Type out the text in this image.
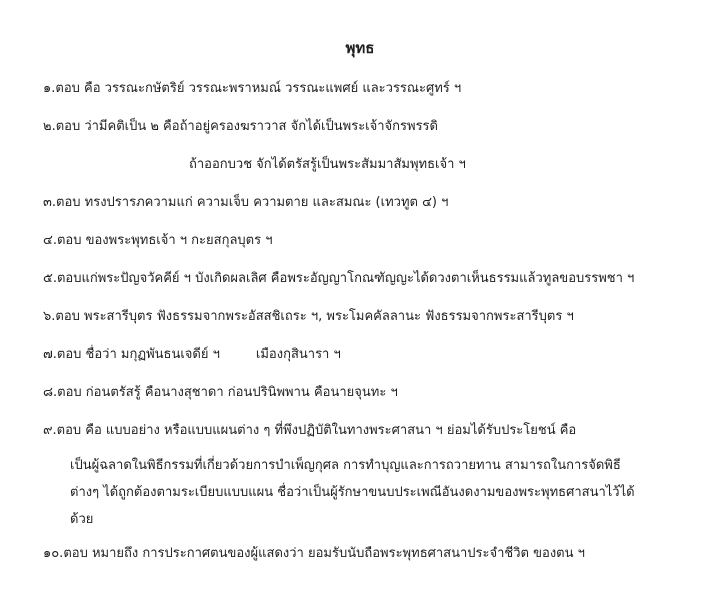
พุทธ
๑.ตอบ คือ วรรณะกษัตริย์ วรรณะพราหมณ์ วรรณะแพศย์ และวรรณะศูทร์ ฯ
๒.ตอบ ว่ามีคติเป็น ๒ คือถ้าอยู่ครองฆราวาส จักได้เป็นพระเจ้าจักรพรรดิ
ถ้าออกบวช จักได้ตรัสรู้เป็นพระสัมมาสัมพุทธเจ้า ฯ
๓.ตอบ ทรงปรารภความแก่ ความเจ็บ ความตาย และสมณะ (เทวทูต ๔) ฯ
๔.ตอบ ของพระพุทธเจ้า ฯ กะยสกุลบุตร ฯ
๕.ตอบแก่พระปัญจวัคคีย์ ฯ บังเกิดผลเลิศ คือพระอัญญาโกณฑัญญะได้ดวงตาเห็นธรรมแล้วทูลขอบรรพชา ฯ
๖.ตอบ พระสารีบุตร ฟังธรรมจากพระอัสสชิเถระ ฯ, พระโมคคัลลานะ ฟังธรรมจากพระสารีบุตร ฯ
๗.ตอบ ชื่อว่า มกุฏพันธนเจดีย์ ฯ	เมืองกุสินารา ฯ
๘.ตอบ ก่อนตรัสรู้ คือนางสุชาดา ก่อนปรินิพพาน คือนายจุนทะ ฯ
๙.ตอบ คือ แบบอย่าง หรือแบบแผนต่าง ๆ ที่พึงปฏิบัติในทางพระศาสนา ฯ ย่อมได้รับประโยชน์ คือ
เป็นผู้ฉลาดในพิธีกรรมที่เกี่ยวด้วยการบำเพ็ญกุศล การทำบุญและการถวายทาน สามารถในการจัดพิธี
ต่างๆ ได้ถูกต้องตามระเบียบแบบแผน ชื่อว่าเป็นผู้รักษาขนบประเพณีอันงดงามของพระพุทธศาสนาไว้ได้
ด้วย
๑๐.ตอบ หมายถึง การประกาศตนของผู้แสดงว่า ยอมรับนับถือพระพุทธศาสนาประจำชีวิต ของตน ฯ
